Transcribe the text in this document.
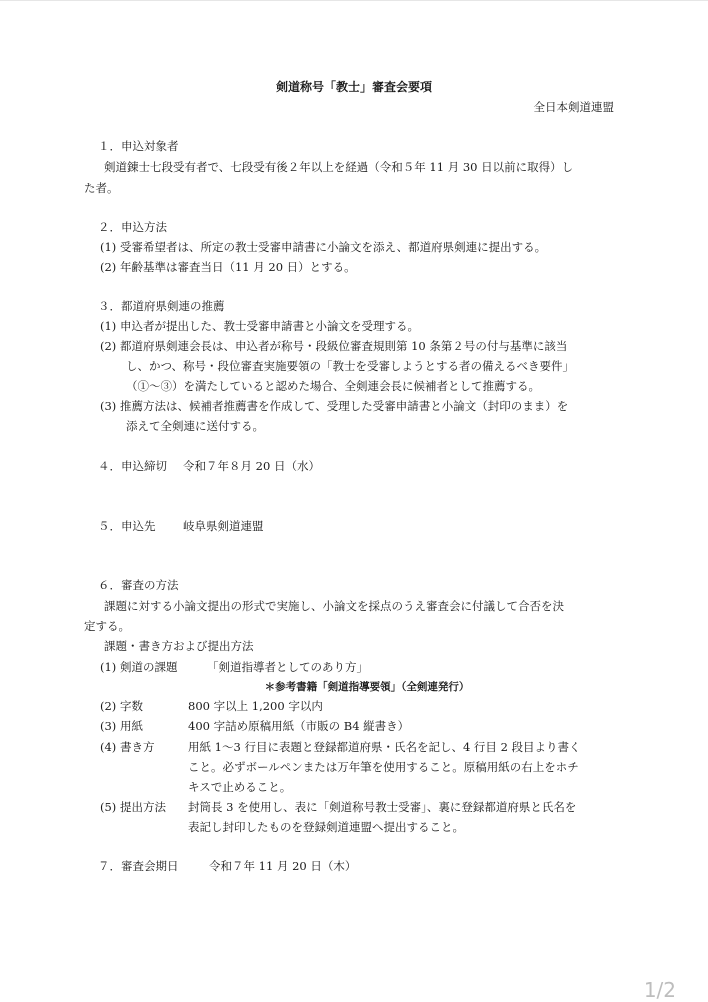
剣道称号「教士」審査会要項
全日本剣道連盟
１．申込対象者
剣道錬士七段受有者で、七段受有後２年以上を経過（令和５年 11 月 30 日以前に取得）し
た者。
２．申込方法
(1) 受審希望者は、所定の教士受審申請書に小論文を添え、都道府県剣連に提出する。
(2) 年齢基準は審査当日（11 月 20 日）とする。
３．都道府県剣連の推薦
(1) 申込者が提出した、教士受審申請書と小論文を受理する。
(2) 都道府県剣連会長は、申込者が称号・段級位審査規則第 10 条第２号の付与基準に該当
し、かつ、称号・段位審査実施要領の「教士を受審しようとする者の備えるべき要件」
（①～③）を満たしていると認めた場合、全剣連会長に候補者として推薦する。
(3) 推薦方法は、候補者推薦書を作成して、受理した受審申請書と小論文（封印のまま）を
添えて全剣連に送付する。
４．申込締切 令和７年８月 20 日（水）
５．申込先 岐阜県剣道連盟
６．審査の方法
課題に対する小論文提出の形式で実施し、小論文を採点のうえ審査会に付議して合否を決
定する。
課題・書き方および提出方法
(1) 剣道の課題	「剣道指導者としてのあり方」
＊参考書籍「剣道指導要領」（全剣連発行）
(2) 字数	800 字以上 1,200 字以内
(3) 用紙	400 字詰め原稿用紙（市販の B4 縦書き）
(4) 書き方	用紙 1～3 行目に表題と登録都道府県・氏名を記し、4 行目 2 段目より書く
こと。必ずボールペンまたは万年筆を使用すること。原稿用紙の右上をホチ
キスで止めること。
(5) 提出方法 封筒長 3 を使用し、表に「剣道称号教士受審」、裏に登録都道府県と氏名を
表記し封印したものを登録剣道連盟へ提出すること。
７．審査会期日	令和７年 11 月 20 日（木）
1/2
